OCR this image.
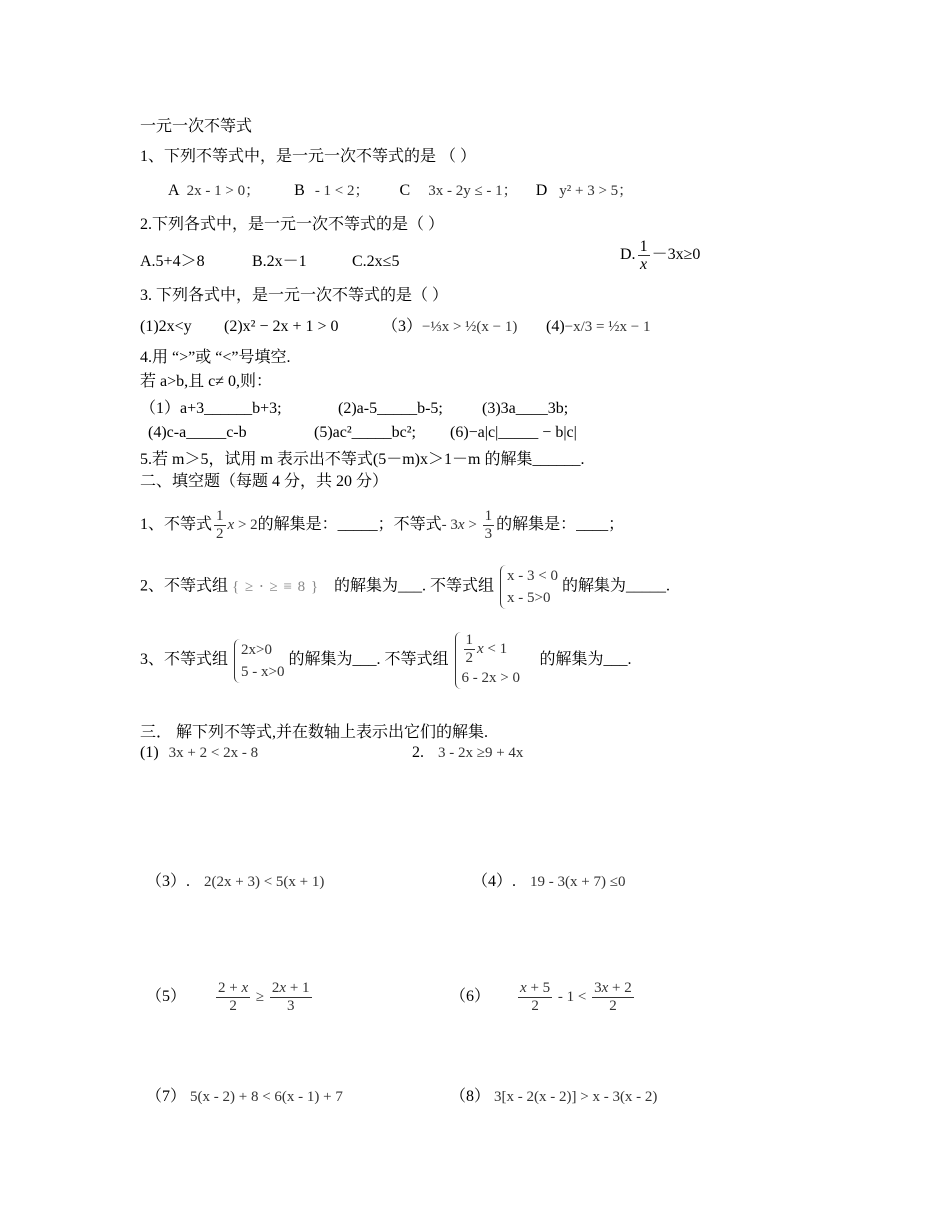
一元一次不等式
1、下列不等式中，是一元一次不等式的是 （ ）
A 2x - 1 > 0； B - 1 < 2； C 3x - 2y ≤ - 1； D y² + 3 > 5；
2.下列各式中，是一元一次不等式的是（ ）
A.5+4＞8	B.2x－1	C.2x≤5	D. $\frac{1}{x} -3x\ge 0$
3. 下列各式中，是一元一次不等式的是（ ）
(1)2x<y (2)x² − 2x + 1 > 0	（3）−⅓x > ½(x − 1) (4)−x/3 = ½x − 1
4.用 “>”或 “<”号填空.
若 a>b,且 c≠ 0,则：
（1）a+3______b+3;	(2)a-5_____b-5; (3)3a____3b;
(4)c-a_____c-b	(5)ac²_____bc²; (6)−a|c|_____ − b|c|
5.若 m＞5，试用 m 表示出不等式(5－m)x＞1－m 的解集______.
二、填空题（每题 4 分，共 20 分）
1、不等式 $\frac{1}{2}$ x > 2的解集是：_____；不等式- $3x > \frac{1}{3}$ 的解集是：____；
2、不等式组 { ≥ ⋅ ≥ ≡ 8 } 的解集为___. 不等式组
x - 3 < 0
x - 5>0
的解集为_____.
3、不等式组
2x>0
5 - x>0
的解集为___. 不等式组 $\frac{1}{2}$ x < 1
6 - 2x > 0
的解集为___.
三． 解下列不等式,并在数轴上表示出它们的解集.
(1) 3x + 2 < 2x - 8	2. 3 - 2x ≥9 + 4x
（3）. 2(2x + 3) < 5(x + 1)	（4）. 19 - 3(x + 7) ≤0
$(5) \frac{2 + x}{2} \ge \frac{2x + 1}{3}$	$(6) \frac{x + 5}{2} - 1 < \frac{3x + 2}{2}$
（7） 5(x - 2) + 8 < 6(x - 1) + 7	（8） 3[x - 2(x - 2)] > x - 3(x - 2)
